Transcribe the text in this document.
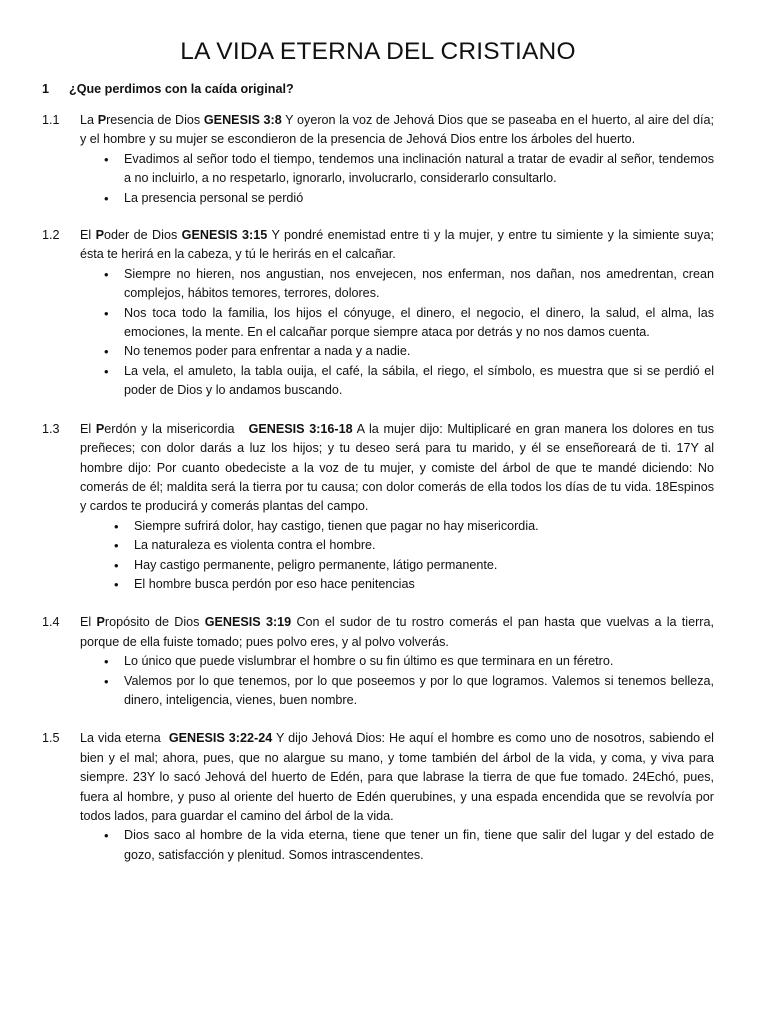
LA VIDA ETERNA DEL CRISTIANO
1	¿Que perdimos con la caída original?
1.1	La Presencia de Dios GENESIS 3:8 Y oyeron la voz de Jehová Dios que se paseaba en el huerto, al aire del día; y el hombre y su mujer se escondieron de la presencia de Jehová Dios entre los árboles del huerto.

• Evadimos al señor todo el tiempo, tendemos una inclinación natural a tratar de evadir al señor, tendemos a no incluirlo, a no respetarlo, ignorarlo, involucrarlo, considerarlo consultarlo.
• La presencia personal se perdió
1.2	El Poder de Dios GENESIS 3:15 Y pondré enemistad entre ti y la mujer, y entre tu simiente y la simiente suya; ésta te herirá en la cabeza, y tú le herirás en el calcañar.

• Siempre no hieren, nos angustian, nos envejecen, nos enferman, nos dañan, nos amedrentan, crean complejos, hábitos temores, terrores, dolores.
• Nos toca todo la familia, los hijos el cónyuge, el dinero, el negocio, el dinero, la salud, el alma, las emociones, la mente. En el calcañar porque siempre ataca por detrás y no nos damos cuenta.
• No tenemos poder para enfrentar a nada y a nadie.
• La vela, el amuleto, la tabla ouija, el café, la sábila, el riego, el símbolo, es muestra que si se perdió el poder de Dios y lo andamos buscando.
1.3	El Perdón y la misericordia   GENESIS 3:16-18 A la mujer dijo: Multiplicaré en gran manera los dolores en tus preñeces; con dolor darás a luz los hijos; y tu deseo será para tu marido, y él se enseñoreará de ti. 17Y al hombre dijo: Por cuanto obedeciste a la voz de tu mujer, y comiste del árbol de que te mandé diciendo: No comerás de él; maldita será la tierra por tu causa; con dolor comerás de ella todos los días de tu vida. 18Espinos y cardos te producirá y comerás plantas del campo.

• Siempre sufrirá dolor, hay castigo, tienen que pagar no hay misericordia.
• La naturaleza es violenta contra el hombre.
• Hay castigo permanente, peligro permanente, látigo permanente.
• El hombre busca perdón por eso hace penitencias
1.4	El Propósito de Dios GENESIS 3:19 Con el sudor de tu rostro comerás el pan hasta que vuelvas a la tierra, porque de ella fuiste tomado; pues polvo eres, y al polvo volverás.

• Lo único que puede vislumbrar el hombre o su fin último es que terminara en un féretro.
• Valemos por lo que tenemos, por lo que poseemos y por lo que logramos. Valemos si tenemos belleza, dinero, inteligencia, vienes, buen nombre.
1.5	La vida eterna  GENESIS 3:22-24 Y dijo Jehová Dios: He aquí el hombre es como uno de nosotros, sabiendo el bien y el mal; ahora, pues, que no alargue su mano, y tome también del árbol de la vida, y coma, y viva para siempre. 23Y lo sacó Jehová del huerto de Edén, para que labrase la tierra de que fue tomado. 24Echó, pues, fuera al hombre, y puso al oriente del huerto de Edén querubines, y una espada encendida que se revolvía por todos lados, para guardar el camino del árbol de la vida.

• Dios saco al hombre de la vida eterna, tiene que tener un fin, tiene que salir del lugar y del estado de gozo, satisfacción y plenitud. Somos intrascendentes.
